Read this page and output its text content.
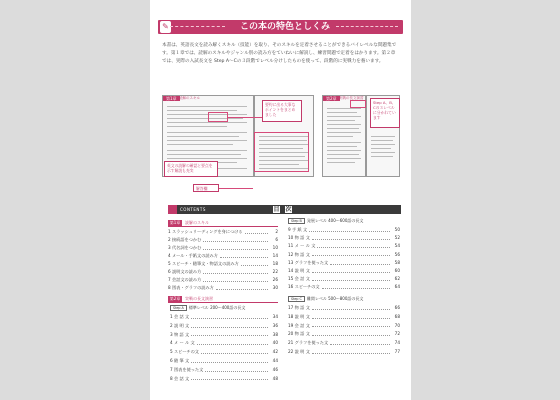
✎	この本の特色としくみ
本書は、英語長文を読み解くスキル（技能）を取り、そのスキルを定着させることができるバイレベルな問題集です。第１章では、読解のスキルやジャンル別の読み方をていねいに解説し、練習問題で定着をはかります。第２章では、実際の入試長文を Step A〜Cの３段階でレベル分けしたものを使って、段階的に実戦力を養います。
第1章 読解のスキル
要約に出る大事なポイントをまとめました
英文の読解の確認と要点を示す解説も充実
解答欄
第2章 実戦の長文演習
Step A、B、Cの３レベルに分かれています
CONTENTS	目 次
第1章	読解のスキル
1 スラッシュリーディングを身につける	2
2 接続語をつかむ	6
3 代名詞をつかむ	10
4 メール・手紙文の読み方	14
5 スピーチ・随筆文・物語文の読み方	18
6 説明文の読み方	22
7 会話文の読み方	26
8 図表・グラフの読み方	30
第2章	実戦の長文演習
Step A 標準レベル 200〜400語の長文
1 会 話 文	34
2 説 明 文	36
3 物 語 文	38
4 メ ー ル 文	40
5 スピーチの文	42
6 随 筆 文	44
7 図表を使った文	46
8 会 話 文	48
Step B 発展レベル 400〜600語の長文
9 手 紙 文	50
10 物 語 文	52
11 メ ー ル 文	54
12 物 語 文	56
13 グラフを使った文	58
14 説 明 文	60
15 会 話 文	62
16 スピーチの文	64
Step C 難関レベル 500〜800語の長文
17 物 語 文	66
18 説 明 文	68
19 会 話 文	70
20 物 語 文	72
21 グラフを使った文	74
22 説 明 文	77
